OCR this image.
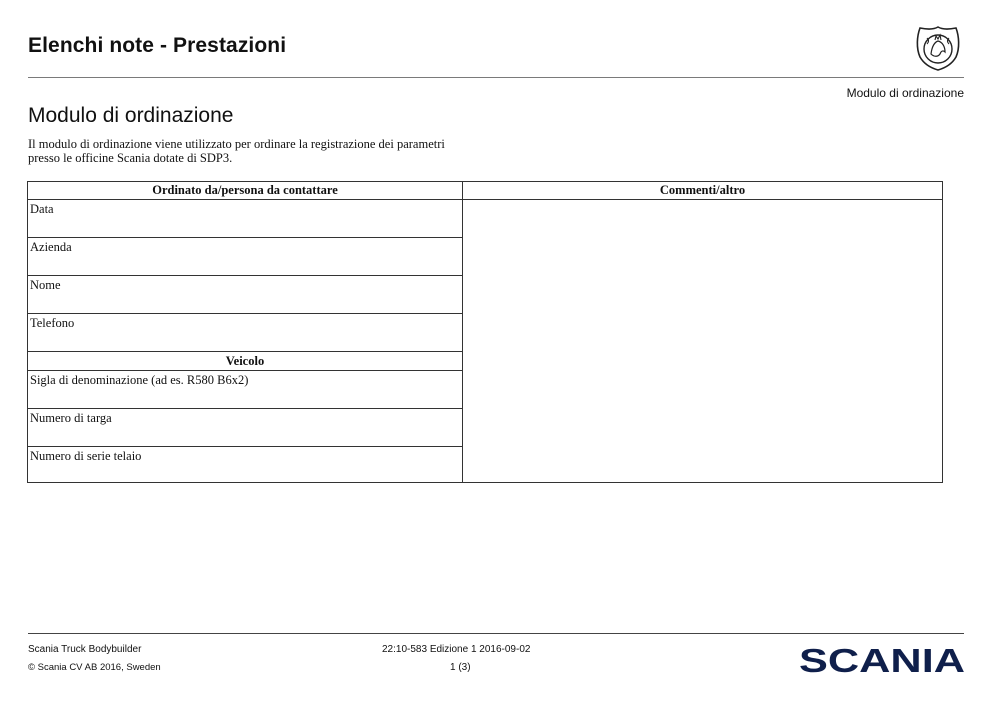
Elenchi note - Prestazioni
Modulo di ordinazione
Modulo di ordinazione
Il modulo di ordinazione viene utilizzato per ordinare la registrazione dei parametri
presso le officine Scania dotate di SDP3.
Ordinato da/persona da contattare
Data
Azienda
Nome
Telefono
Veicolo
Sigla di denominazione (ad es. R580 B6x2)
Numero di targa
Numero di serie telaio
Commenti/altro
Scania Truck Bodybuilder
© Scania CV AB 2016, Sweden
22:10-583 Edizione 1 2016-09-02
1 (3)	SCANIA
